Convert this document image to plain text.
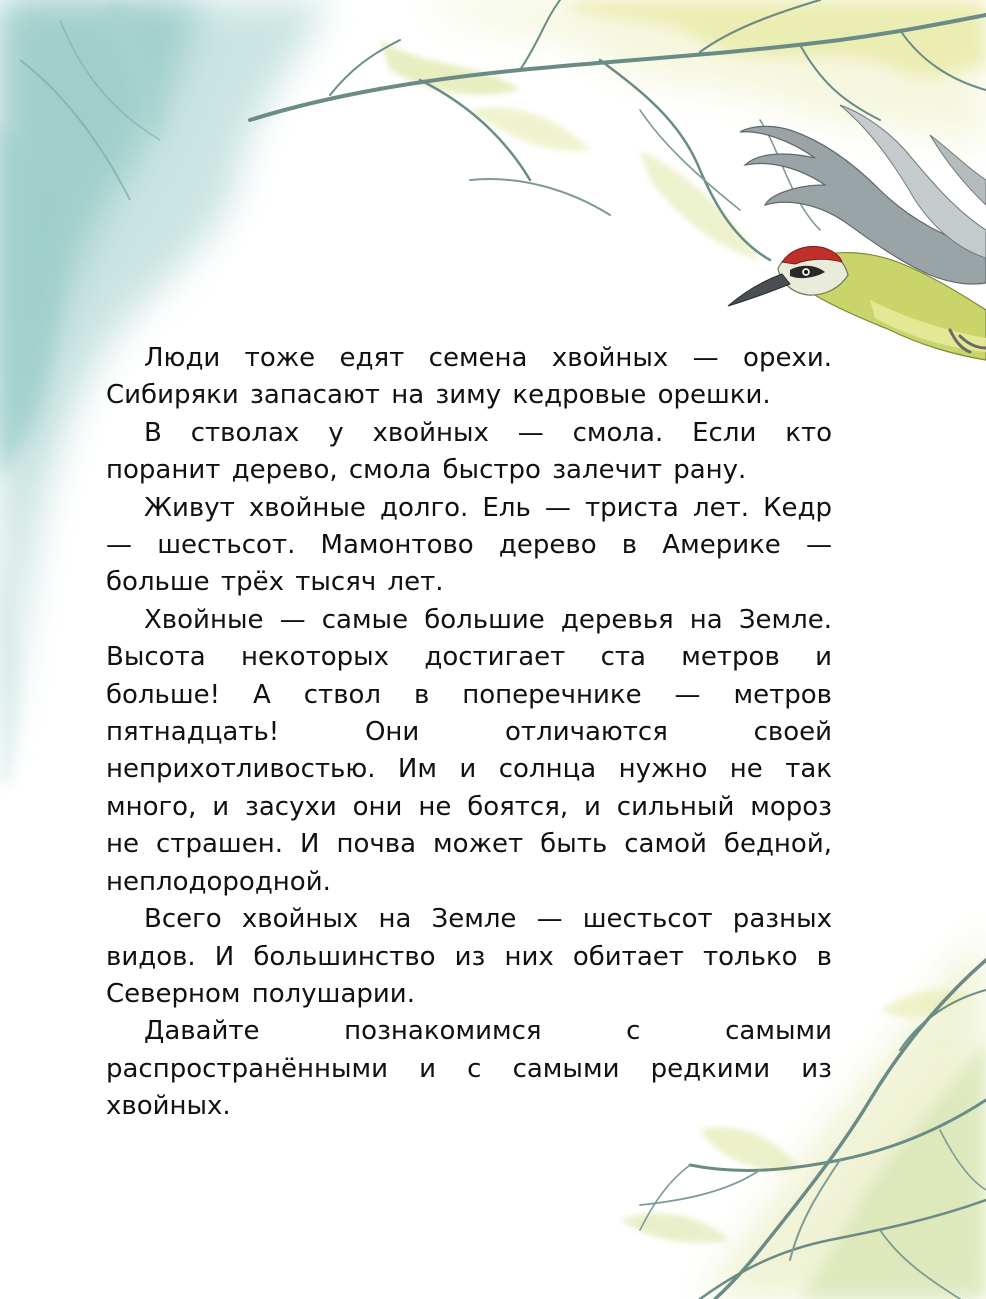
Люди тоже едят семена хвойных — орехи. Сибиряки запасают на зиму кедровые орешки.

В стволах у хвойных — смола. Если кто поранит дерево, смола быстро залечит рану.

Живут хвойные долго. Ель — триста лет. Кедр — шестьсот. Мамонтово дерево в Америке — больше трёх тысяч лет.

Хвойные — самые большие деревья на Земле. Высота некоторых достигает ста метров и больше! А ствол в поперечнике — метров пятнадцать! Они отличаются своей неприхотливостью. Им и солнца нужно не так много, и засухи они не боятся, и сильный мороз не страшен. И почва может быть самой бедной, неплодородной.

Всего хвойных на Земле — шестьсот разных видов. И большинство из них обитает только в Северном полушарии.

Давайте познакомимся с самыми распространёнными и с самыми редкими из хвойных.
